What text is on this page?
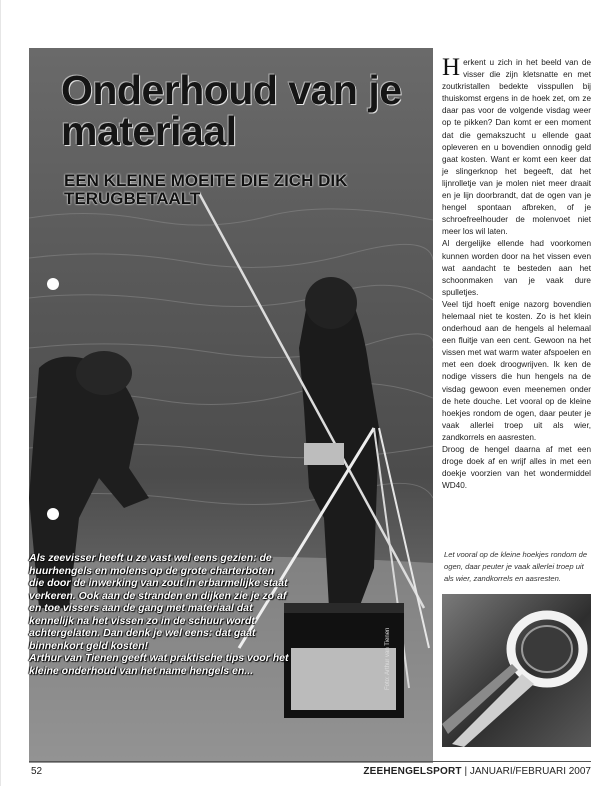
Onderhoud van je materiaal
EEN KLEINE MOEITE DIE ZICH DIK TERUGBETAALT

Als zeevisser heeft u ze vast wel eens gezien: de huurhengels en molens op de grote charterboten die door de inwerking van zout in erbarmelijke staat verkeren. Ook aan de stranden en dijken zie je zo af en toe vissers aan de gang met materiaal dat kennelijk na het vissen zo in de schuur wordt achtergelaten. Dan denk je wel eens: dat gaat binnenkort geld kosten!

Arthur van Tienen geeft wat praktische tips voor het kleine onderhoud van het name hengels en...	Foto: Arthur van Tienen

Herkent u zich in het beeld van de visser die zijn kletsnatte en met zoutkristallen bedekte visspullen bij thuiskomst ergens in de hoek zet, om ze daar pas voor de volgende visdag weer op te pikken? Dan komt er een moment dat die gemakszucht u ellende gaat opleveren en u bovendien onnodig geld gaat kosten. Want er komt een keer dat je slingerknop het begeeft, dat het lijnrolletje van je molen niet meer draait en je lijn doorbrandt, dat de ogen van je hengel spontaan afbreken, of je schroefreelhouder de molenvoet niet meer los wil laten.

Al dergelijke ellende had voorkomen kunnen worden door na het vissen even wat aandacht te besteden aan het schoonmaken van je vaak dure spulletjes.

Veel tijd hoeft enige nazorg bovendien helemaal niet te kosten. Zo is het klein onderhoud aan de hengels al helemaal een fluitje van een cent. Gewoon na het vissen met wat warm water afspoelen en met een doek droogwrijven. Ik ken de nodige vissers die hun hengels na de visdag gewoon even meenemen onder de hete douche. Let vooral op de kleine hoekjes rondom de ogen, daar peuter je vaak allerlei troep uit als wier, zandkorrels en aasresten.

Droog de hengel daarna af met een droge doek af en wrijf alles in met een doekje voorzien van het wondermiddel WD40.

Let vooral op de kleine hoekjes rondom de ogen, daar peuter je vaak allerlei troep uit als wier, zandkorrels en aasresten.
52	ZEEHENGELSPORT | JANUARI/FEBRUARI 2007
